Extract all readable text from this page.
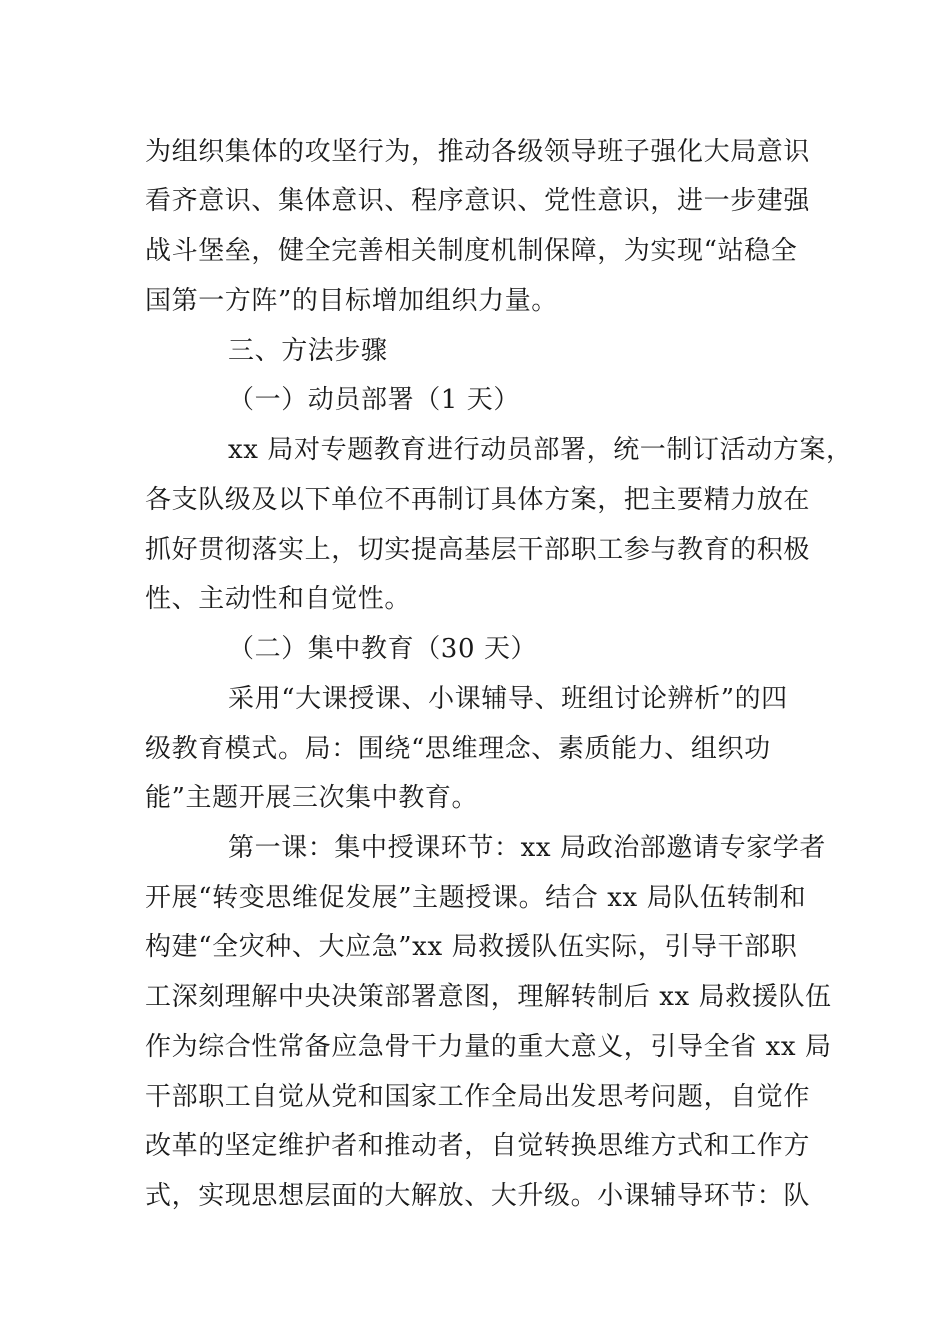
为组织集体的攻坚行为，推动各级领导班子强化大局意识
看齐意识、集体意识、程序意识、党性意识，进一步建强
战斗堡垒，健全完善相关制度机制保障，为实现“站稳全
国第一方阵”的目标增加组织力量。
三、方法步骤
（一）动员部署（1 天）
xx 局对专题教育进行动员部署，统一制订活动方案，
各支队级及以下单位不再制订具体方案，把主要精力放在
抓好贯彻落实上，切实提高基层干部职工参与教育的积极
性、主动性和自觉性。
（二）集中教育（30 天）
采用“大课授课、小课辅导、班组讨论辨析”的四
级教育模式。局：围绕“思维理念、素质能力、组织功
能”主题开展三次集中教育。
第一课：集中授课环节：xx 局政治部邀请专家学者
开展“转变思维促发展”主题授课。结合 xx 局队伍转制和
构建“全灾种、大应急”xx 局救援队伍实际，引导干部职
工深刻理解中央决策部署意图，理解转制后 xx 局救援队伍
作为综合性常备应急骨干力量的重大意义，引导全省 xx 局
干部职工自觉从党和国家工作全局出发思考问题，自觉作
改革的坚定维护者和推动者，自觉转换思维方式和工作方
式，实现思想层面的大解放、大升级。小课辅导环节：队
